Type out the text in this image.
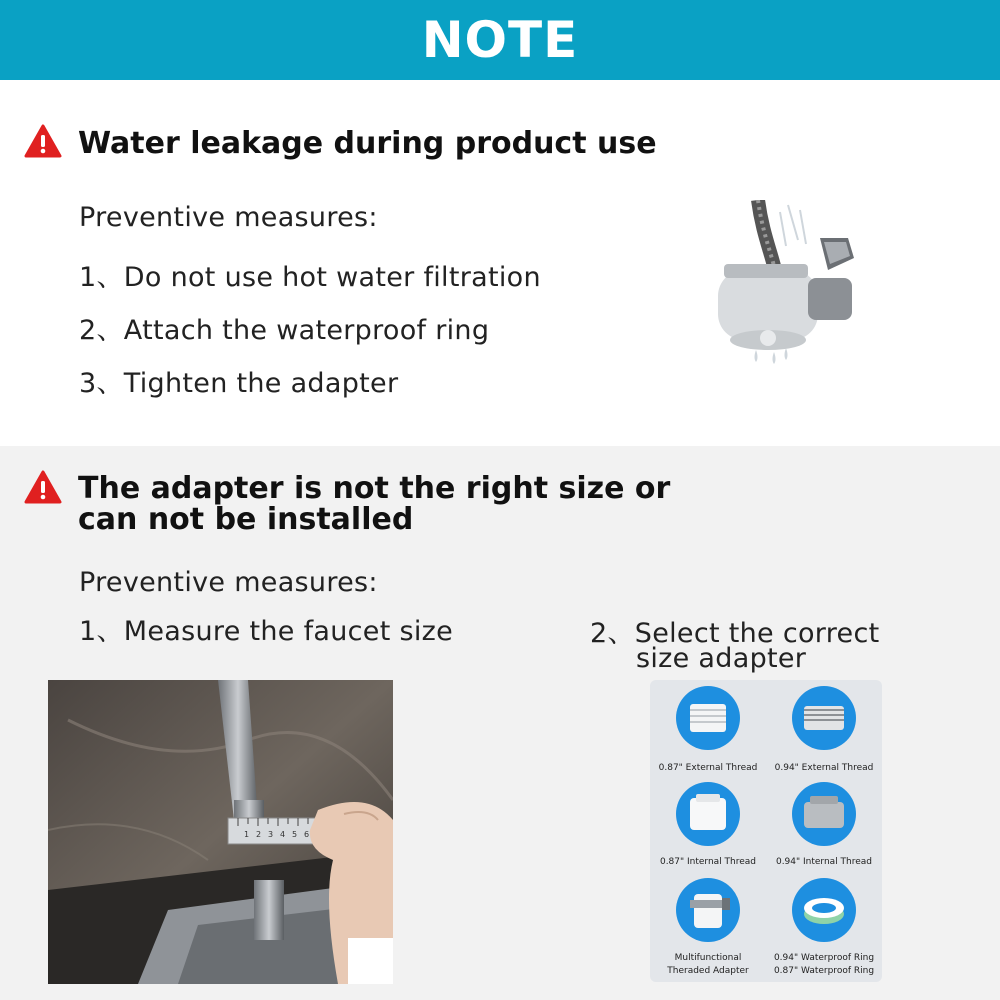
NOTE
Water leakage during product use
Preventive measures:
1、Do not use hot water filtration
2、Attach the waterproof ring
3、Tighten the adapter
The adapter is not the right size or
can not be installed
Preventive measures:
1、Measure the faucet size	2、Select the correct
size adapter
1 2 3 4 5 6
0.87" External Thread	0.94" External Thread
0.87" Internal Thread	0.94" Internal Thread
Multifunctional
Theraded Adapter
0.94" Waterproof Ring
0.87" Waterproof Ring
